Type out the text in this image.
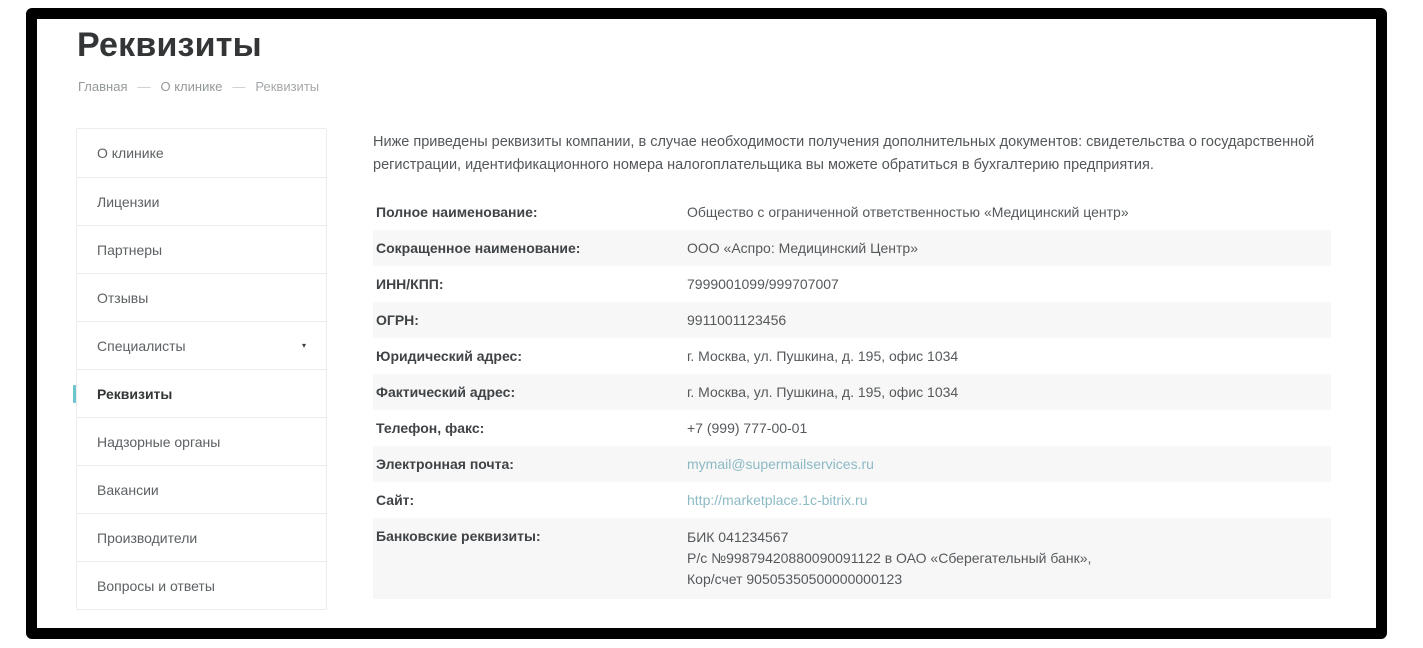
Реквизиты
Главная — О клинике — Реквизиты
О клинике
Лицензии
Партнеры
Отзывы
Специалисты	▾
Реквизиты
Надзорные органы
Вакансии
Производители
Вопросы и ответы

Ниже приведены реквизиты компании, в случае необходимости получения дополнительных документов: свидетельства о государственной регистрации, идентификационного номера налогоплательщика вы можете обратиться в бухгалтерию предприятия.

Полное наименование:	Общество с ограниченной ответственностью «Медицинский центр»
Сокращенное наименование:	ООО «Аспро: Медицинский Центр»
ИНН/КПП:	7999001099/999707007
ОГРН:	9911001123456
Юридический адрес:	г. Москва, ул. Пушкина, д. 195, офис 1034
Фактический адрес:	г. Москва, ул. Пушкина, д. 195, офис 1034
Телефон, факс:	+7 (999) 777-00-01
Электронная почта:	mymail@supermailservices.ru
Сайт:	http://marketplace.1c-bitrix.ru
Банковские реквизиты:	БИК 041234567
Р/с №99879420880090091122 в ОАО «Сберегательный банк»,
Кор/счет 90505350500000000123
